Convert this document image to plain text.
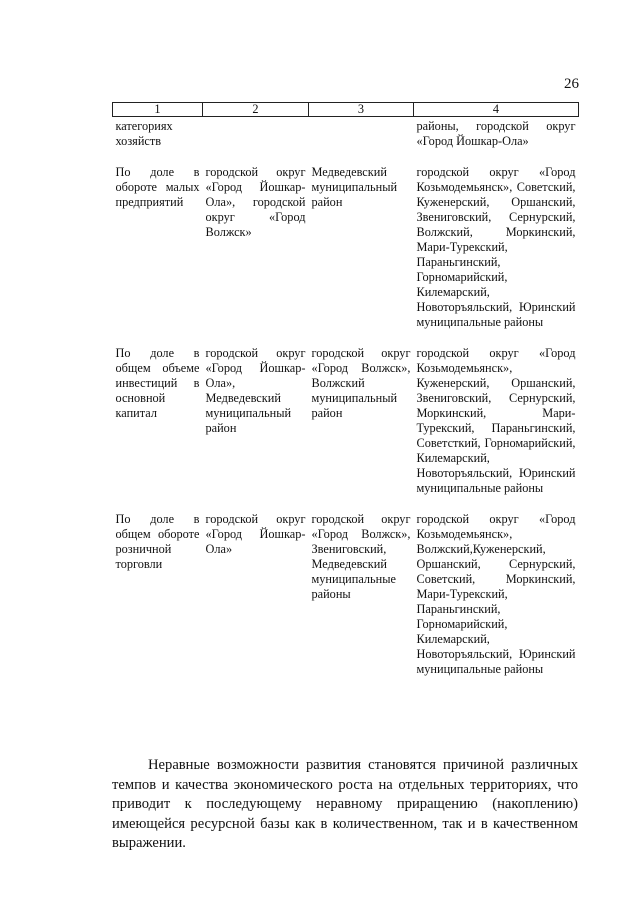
26
1	2	3	4

категориях
хозяйств			районы, городской округ «Город Йошкар-Ола»

По доле в обороте малых предприятий	городской округ «Город Йошкар-Ола», городской округ «Город Волжск»	Медведевский муниципальный район	городской округ «Город Козьмодемьянск», Советский, Куженерский, Оршанский, Звениговский, Сернурский, Волжский, Моркинский, Мари-Турекский, Параньгинский, Горномарийский, Килемарский, Новоторъяльский, Юринский муниципальные районы

По доле в общем объеме инвестиций в основной капитал	городской округ «Город Йошкар-Ола», Медведевский муниципальный район	городской округ «Город Волжск», Волжский муниципальный район	городской округ «Город Козьмодемьянск», Куженерский, Оршанский, Звениговский, Сернурский, Моркинский, Мари-Турекский, Параньгинский, Советсткий, Горномарийский, Килемарский, Новоторъяльский, Юринский муниципальные районы

По доле в общем обороте розничной торговли	городской округ «Город Йошкар-Ола»	городской округ «Город Волжск», Звениговский, Медведевский муниципальные районы	городской округ «Город Козьмодемьянск», Волжский,Куженерский, Оршанский, Сернурский, Советский, Моркинский, Мари-Турекский, Параньгинский, Горномарийский, Килемарский, Новоторъяльский, Юринский муниципальные районы

Неравные возможности развития становятся причиной различных темпов и качества экономического роста на отдельных территориях, что приводит к последующему неравному приращению (накоплению) имеющейся ресурсной базы как в количественном, так и в качественном выражении.
